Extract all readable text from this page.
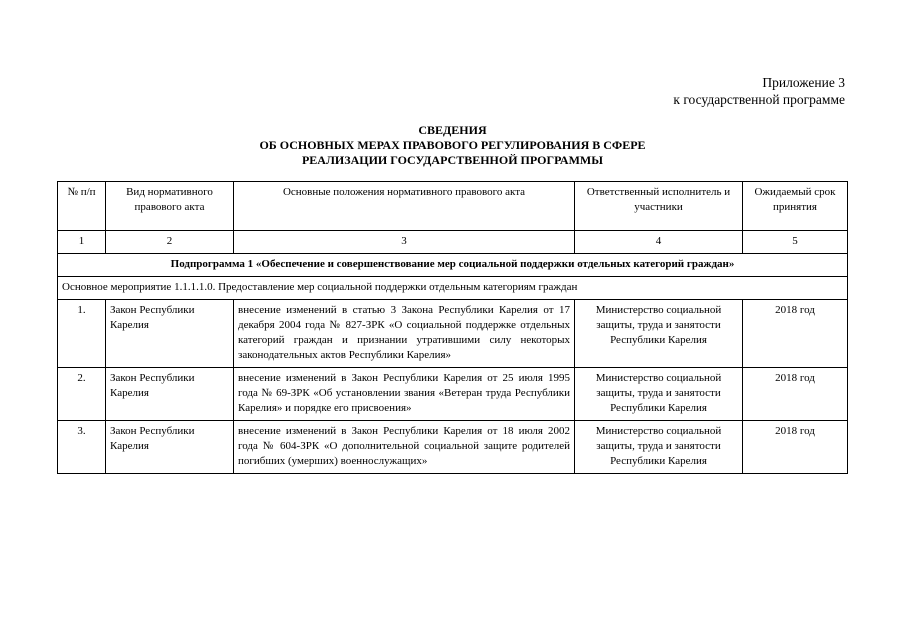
Приложение 3
к государственной программе
СВЕДЕНИЯ
ОБ ОСНОВНЫХ МЕРАХ ПРАВОВОГО РЕГУЛИРОВАНИЯ В СФЕРЕ
РЕАЛИЗАЦИИ ГОСУДАРСТВЕННОЙ ПРОГРАММЫ
№ п/п	Вид нормативного правового акта	Основные положения нормативного правового акта	Ответственный исполнитель и участники	Ожидаемый срок принятия
1	2	3	4	5
Подпрограмма 1 «Обеспечение и совершенствование мер социальной поддержки отдельных категорий граждан»				
Основное мероприятие 1.1.1.1.0. Предоставление мер социальной поддержки отдельным категориям граждан				
1.	Закон Республики Карелия	внесение изменений в статью 3 Закона Республики Карелия от 17 декабря 2004 года № 827-ЗРК «О социальной поддержке отдельных категорий граждан и признании утратившими силу некоторых законодательных актов Республики Карелия»	Министерство социальной защиты, труда и занятости Республики Карелия	2018 год
2.	Закон Республики Карелия	внесение изменений в Закон Республики Карелия от 25 июля 1995 года № 69-ЗРК «Об установлении звания «Ветеран труда Республики Карелия» и порядке его присвоения»	Министерство социальной защиты, труда и занятости Республики Карелия	2018 год
3.	Закон Республики Карелия	внесение изменений в Закон Республики Карелия от 18 июля 2002 года № 604-ЗРК «О дополнительной социальной защите родителей погибших (умерших) военнослужащих»	Министерство социальной защиты, труда и занятости Республики Карелия	2018 год
